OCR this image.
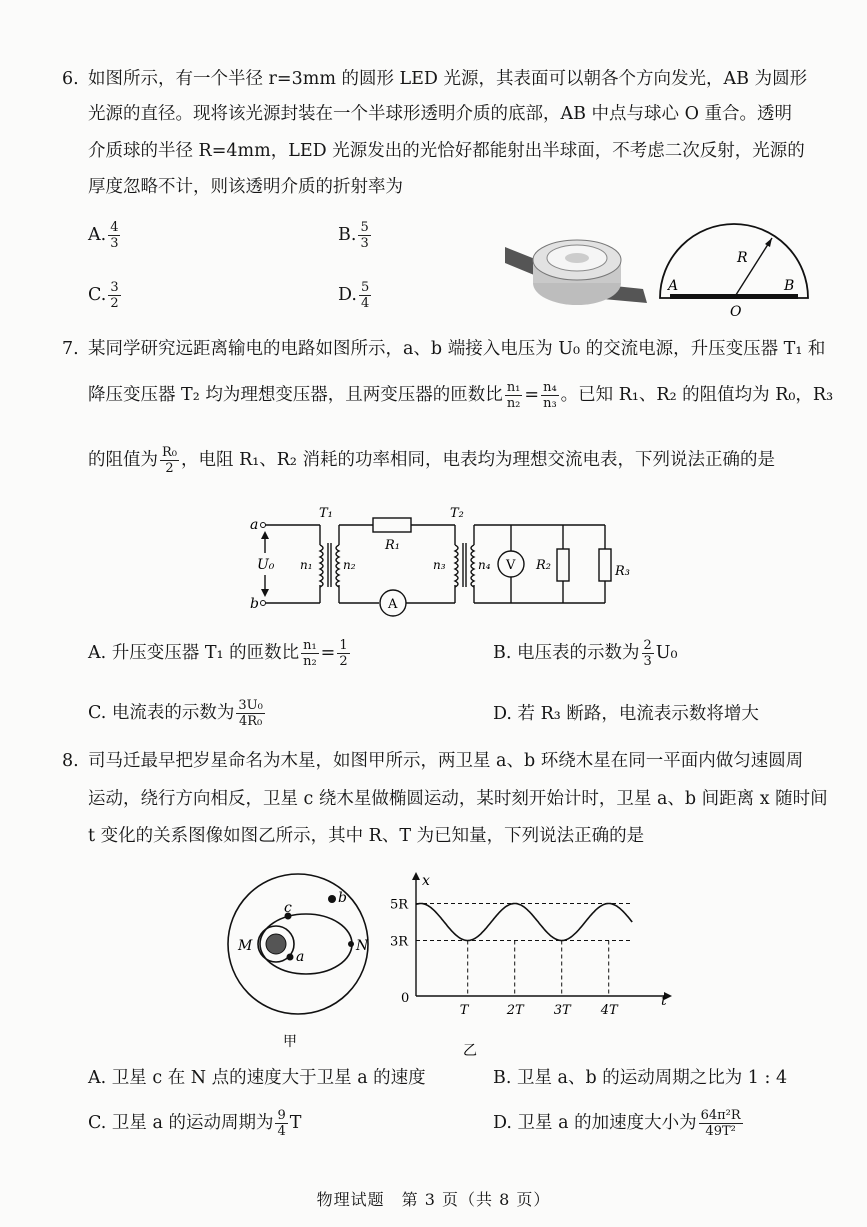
6. 如图所示，有一个半径 r=3mm 的圆形 LED 光源，其表面可以朝各个方向发光，AB 为圆形
光源的直径。现将该光源封装在一个半球形透明介质的底部，AB 中点与球心 O 重合。透明
介质球的半径 R=4mm，LED 光源发出的光恰好都能射出半球面，不考虑二次反射，光源的
厚度忽略不计，则该透明介质的折射率为
A. $\frac{4}{3}$	B. $\frac{5}{3}$
C. $\frac{3}{2}$	D. $\frac{5}{4}$	A	B
O
R
7. 某同学研究远距离输电的电路如图所示，a、b 端接入电压为 U₀ 的交流电源，升压变压器 T₁ 和
降压变压器 T₂ 均为理想变压器，且两变压器的匝数比 $\frac{\text{n₁}}{\text{n₂}} = \frac{\text{n₄}}{\text{n₃}}$ 。已知 R₁、R₂ 的阻值均为 R₀，R₃
的阻值为 $\frac{\text{R₀}}{2}$ ，电阻 R₁、R₂ 消耗的功率相同，电表均为理想交流电表，下列说法正确的是
a
b
U₀
T₁	T₂
R₁
n₁	n₂	n₃	n₄
A
V R₂	R₃
A. 升压变压器 T₁ 的匝数比 $\frac{\text{n₁}}{\text{n₂}} = \frac{1}{2}$	B. 电压表的示数为 $\frac{2}{3} U_0$
C. 电流表的示数为 $\frac{\text{3U₀}}{\text{4R₀}}$	D. 若 R₃ 断路，电流表示数将增大
8. 司马迁最早把岁星命名为木星，如图甲所示，两卫星 a、b 环绕木星在同一平面内做匀速圆周
运动，绕行方向相反，卫星 c 绕木星做椭圆运动，某时刻开始计时，卫星 a、b 间距离 x 随时间
t 变化的关系图像如图乙所示，其中 R、T 为已知量，下列说法正确的是
M	N
a
c
b
甲
3R
5R
T	2T 3T 4T
x
t
0
乙
A. 卫星 c 在 N 点的速度大于卫星 a 的速度	B. 卫星 a、b 的运动周期之比为 1 : 4
C. 卫星 a 的运动周期为 $\frac{9}{4}$ T	D. 卫星 a 的加速度大小为 $\frac{\text{64π²R}}{\text{49T²}}$
物理试题　第 3 页（共 8 页）
